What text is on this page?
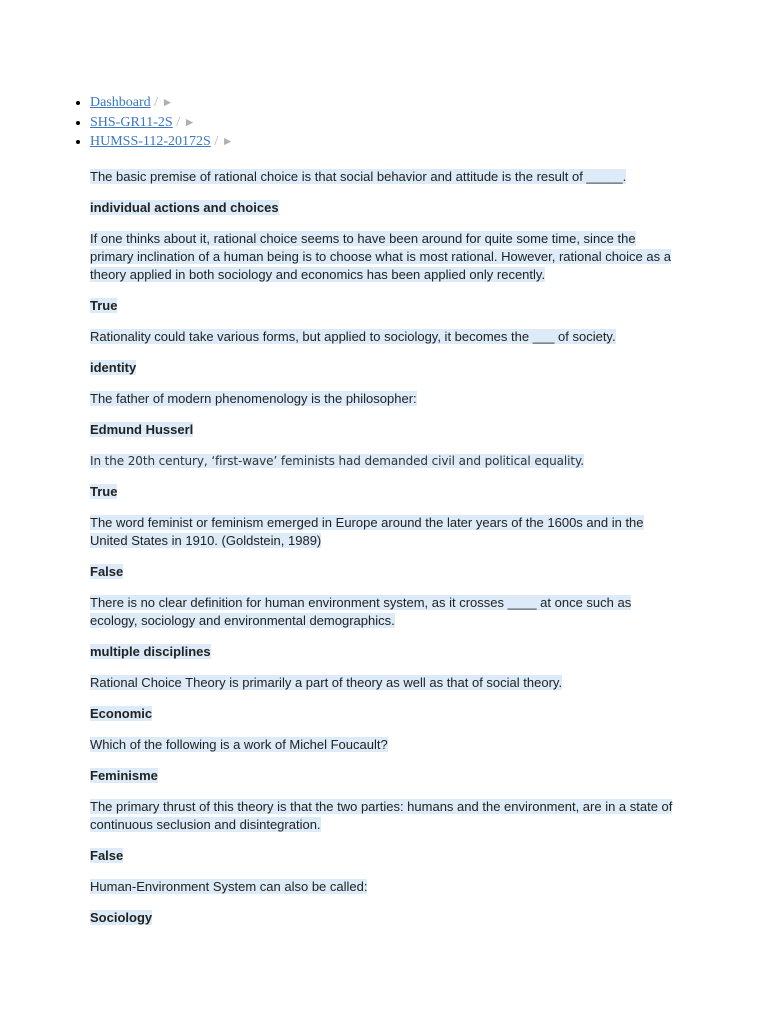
• Dashboard / ►
• SHS-GR11-2S / ►
• HUMSS-112-20172S / ►

The basic premise of rational choice is that social behavior and attitude is the result of _____.

individual actions and choices

If one thinks about it, rational choice seems to have been around for quite some time, since the primary inclination of a human being is to choose what is most rational. However, rational choice as a theory applied in both sociology and economics has been applied only recently.

True

Rationality could take various forms, but applied to sociology, it becomes the ___ of society.

identity

The father of modern phenomenology is the philosopher:

Edmund Husserl

In the 20th century, ‘first-wave’ feminists had demanded civil and political equality.

True

The word feminist or feminism emerged in Europe around the later years of the 1600s and in the United States in 1910. (Goldstein, 1989)

False

There is no clear definition for human environment system, as it crosses ____ at once such as ecology, sociology and environmental demographics.

multiple disciplines

Rational Choice Theory is primarily a part of theory as well as that of social theory.

Economic

Which of the following is a work of Michel Foucault?

Feminisme

The primary thrust of this theory is that the two parties: humans and the environment, are in a state of continuous seclusion and disintegration.

False

Human-Environment System can also be called:

Sociology
